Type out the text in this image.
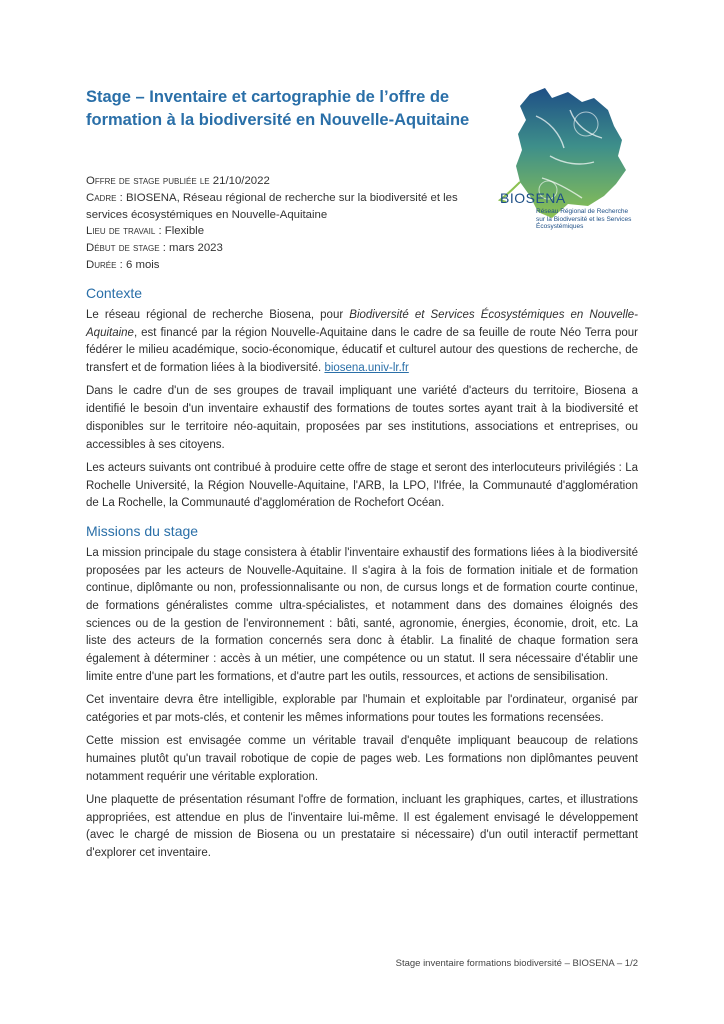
Stage – Inventaire et cartographie de l’offre de formation à la biodiversité en Nouvelle-Aquitaine
BIOSENA
Réseau Régional de Recherche sur la Biodiversité et les Services Écosystémiques
Offre de stage publiée le 21/10/2022
Cadre : BIOSENA, Réseau régional de recherche sur la biodiversité et les services écosystémiques en Nouvelle-Aquitaine
Lieu de travail : Flexible
Début de stage : mars 2023
Durée : 6 mois
Contexte

Le réseau régional de recherche Biosena, pour Biodiversité et Services Écosystémiques en Nouvelle-Aquitaine, est financé par la région Nouvelle-Aquitaine dans le cadre de sa feuille de route Néo Terra pour fédérer le milieu académique, socio-économique, éducatif et culturel autour des questions de recherche, de transfert et de formation liées à la biodiversité. biosena.univ-lr.fr

Dans le cadre d'un de ses groupes de travail impliquant une variété d'acteurs du territoire, Biosena a identifié le besoin d'un inventaire exhaustif des formations de toutes sortes ayant trait à la biodiversité et disponibles sur le territoire néo-aquitain, proposées par ses institutions, associations et entreprises, ou accessibles à ses citoyens.

Les acteurs suivants ont contribué à produire cette offre de stage et seront des interlocuteurs privilégiés : La Rochelle Université, la Région Nouvelle-Aquitaine, l'ARB, la LPO, l'Ifrée, la Communauté d'agglomération de La Rochelle, la Communauté d'agglomération de Rochefort Océan.

Missions du stage

La mission principale du stage consistera à établir l'inventaire exhaustif des formations liées à la biodiversité proposées par les acteurs de Nouvelle-Aquitaine. Il s'agira à la fois de formation initiale et de formation continue, diplômante ou non, professionnalisante ou non, de cursus longs et de formation courte continue, de formations généralistes comme ultra-spécialistes, et notamment dans des domaines éloignés des sciences ou de la gestion de l'environnement : bâti, santé, agronomie, énergies, économie, droit, etc. La liste des acteurs de la formation concernés sera donc à établir. La finalité de chaque formation sera également à déterminer : accès à un métier, une compétence ou un statut. Il sera nécessaire d'établir une limite entre d'une part les formations, et d'autre part les outils, ressources, et actions de sensibilisation.

Cet inventaire devra être intelligible, explorable par l'humain et exploitable par l'ordinateur, organisé par catégories et par mots-clés, et contenir les mêmes informations pour toutes les formations recensées.

Cette mission est envisagée comme un véritable travail d'enquête impliquant beaucoup de relations humaines plutôt qu'un travail robotique de copie de pages web. Les formations non diplômantes peuvent notamment requérir une véritable exploration.

Une plaquette de présentation résumant l'offre de formation, incluant les graphiques, cartes, et illustrations appropriées, est attendue en plus de l'inventaire lui-même. Il est également envisagé le développement (avec le chargé de mission de Biosena ou un prestataire si nécessaire) d'un outil interactif permettant d'explorer cet inventaire.

Stage inventaire formations biodiversité – BIOSENA – 1/2
